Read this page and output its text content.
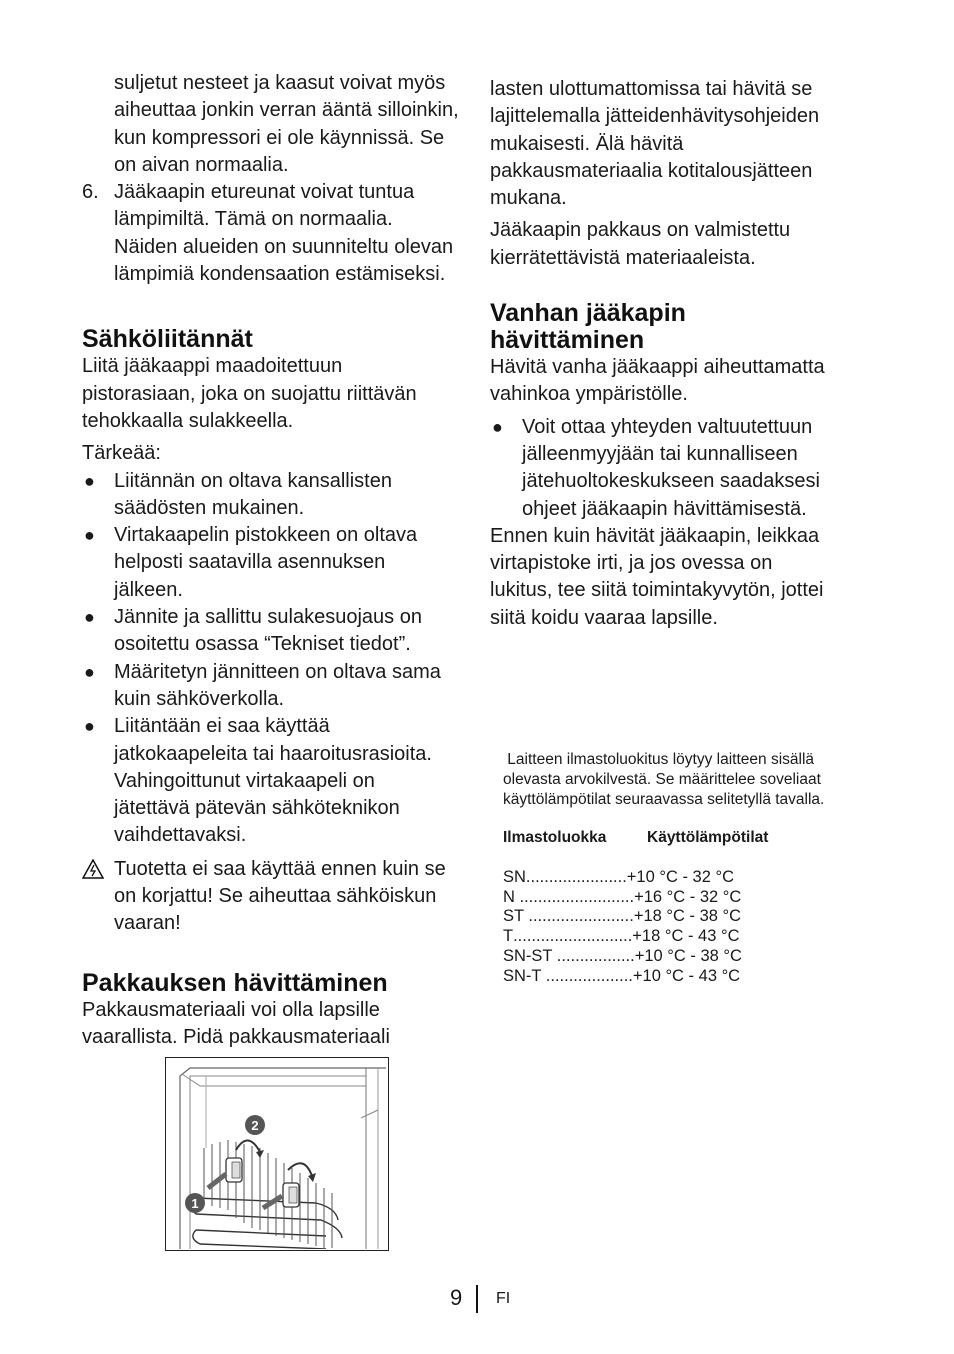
suljetut nesteet ja kaasut voivat myös

aiheuttaa jonkin verran ääntä silloinkin,

kun kompressori ei ole käynnissä. Se

on aivan normaalia.

6. Jääkaapin etureunat voivat tuntua

lämpimiltä. Tämä on normaalia.

Näiden alueiden on suunniteltu olevan

lämpimiä kondensaation estämiseksi.

Sähköliitännät

Liitä jääkaappi maadoitettuun

pistorasiaan, joka on suojattu riittävän

tehokkaalla sulakkeella.

Tärkeää:

● Liitännän on oltava kansallisten

säädösten mukainen.

● Virtakaapelin pistokkeen on oltava

helposti saatavilla asennuksen

jälkeen.

● Jännite ja sallittu sulakesuojaus on

osoitettu osassa “Tekniset tiedot”.

● Määritetyn jännitteen on oltava sama

kuin sähköverkolla.

● Liitäntään ei saa käyttää

jatkokaapeleita tai haaroitusrasioita.

Vahingoittunut virtakaapeli on

jätettävä pätevän sähköteknikon

vaihdettavaksi.

Tuotetta ei saa käyttää ennen kuin se

on korjattu! Se aiheuttaa sähköiskun

vaaran!

Pakkauksen hävittäminen

Pakkausmateriaali voi olla lapsille

vaarallista. Pidä pakkausmateriaali

1
2

lasten ulottumattomissa tai hävitä se

lajittelemalla jätteidenhävitysohjeiden

mukaisesti. Älä hävitä

pakkausmateriaalia kotitalousjätteen

mukana.

Jääkaapin pakkaus on valmistettu

kierrätettävistä materiaaleista.

Vanhan jääkapin
hävittäminen

Hävitä vanha jääkaappi aiheuttamatta

vahinkoa ympäristölle.

● Voit ottaa yhteyden valtuutettuun

jälleenmyyjään tai kunnalliseen

jätehuoltokeskukseen saadaksesi

ohjeet jääkaapin hävittämisestä.

Ennen kuin hävität jääkaapin, leikkaa

virtapistoke irti, ja jos ovessa on

lukitus, tee siitä toimintakyvytön, jottei

siitä koidu vaaraa lapsille.

Laitteen ilmastoluokitus löytyy laitteen sisällä
olevasta arvokilvestä. Se määrittelee soveliaat
käyttölämpötilat seuraavassa selitetyllä tavalla.
Ilmastoluokka	Käyttölämpötilat
SN ...................... +10 °C - 32 °C
N ......................... +16 °C - 32 °C
ST ....................... +18 °C - 38 °C
T .......................... +18 °C - 43 °C
SN-ST ................. +10 °C - 38 °C
SN-T ................... +10 °C - 43 °C
9 FI
